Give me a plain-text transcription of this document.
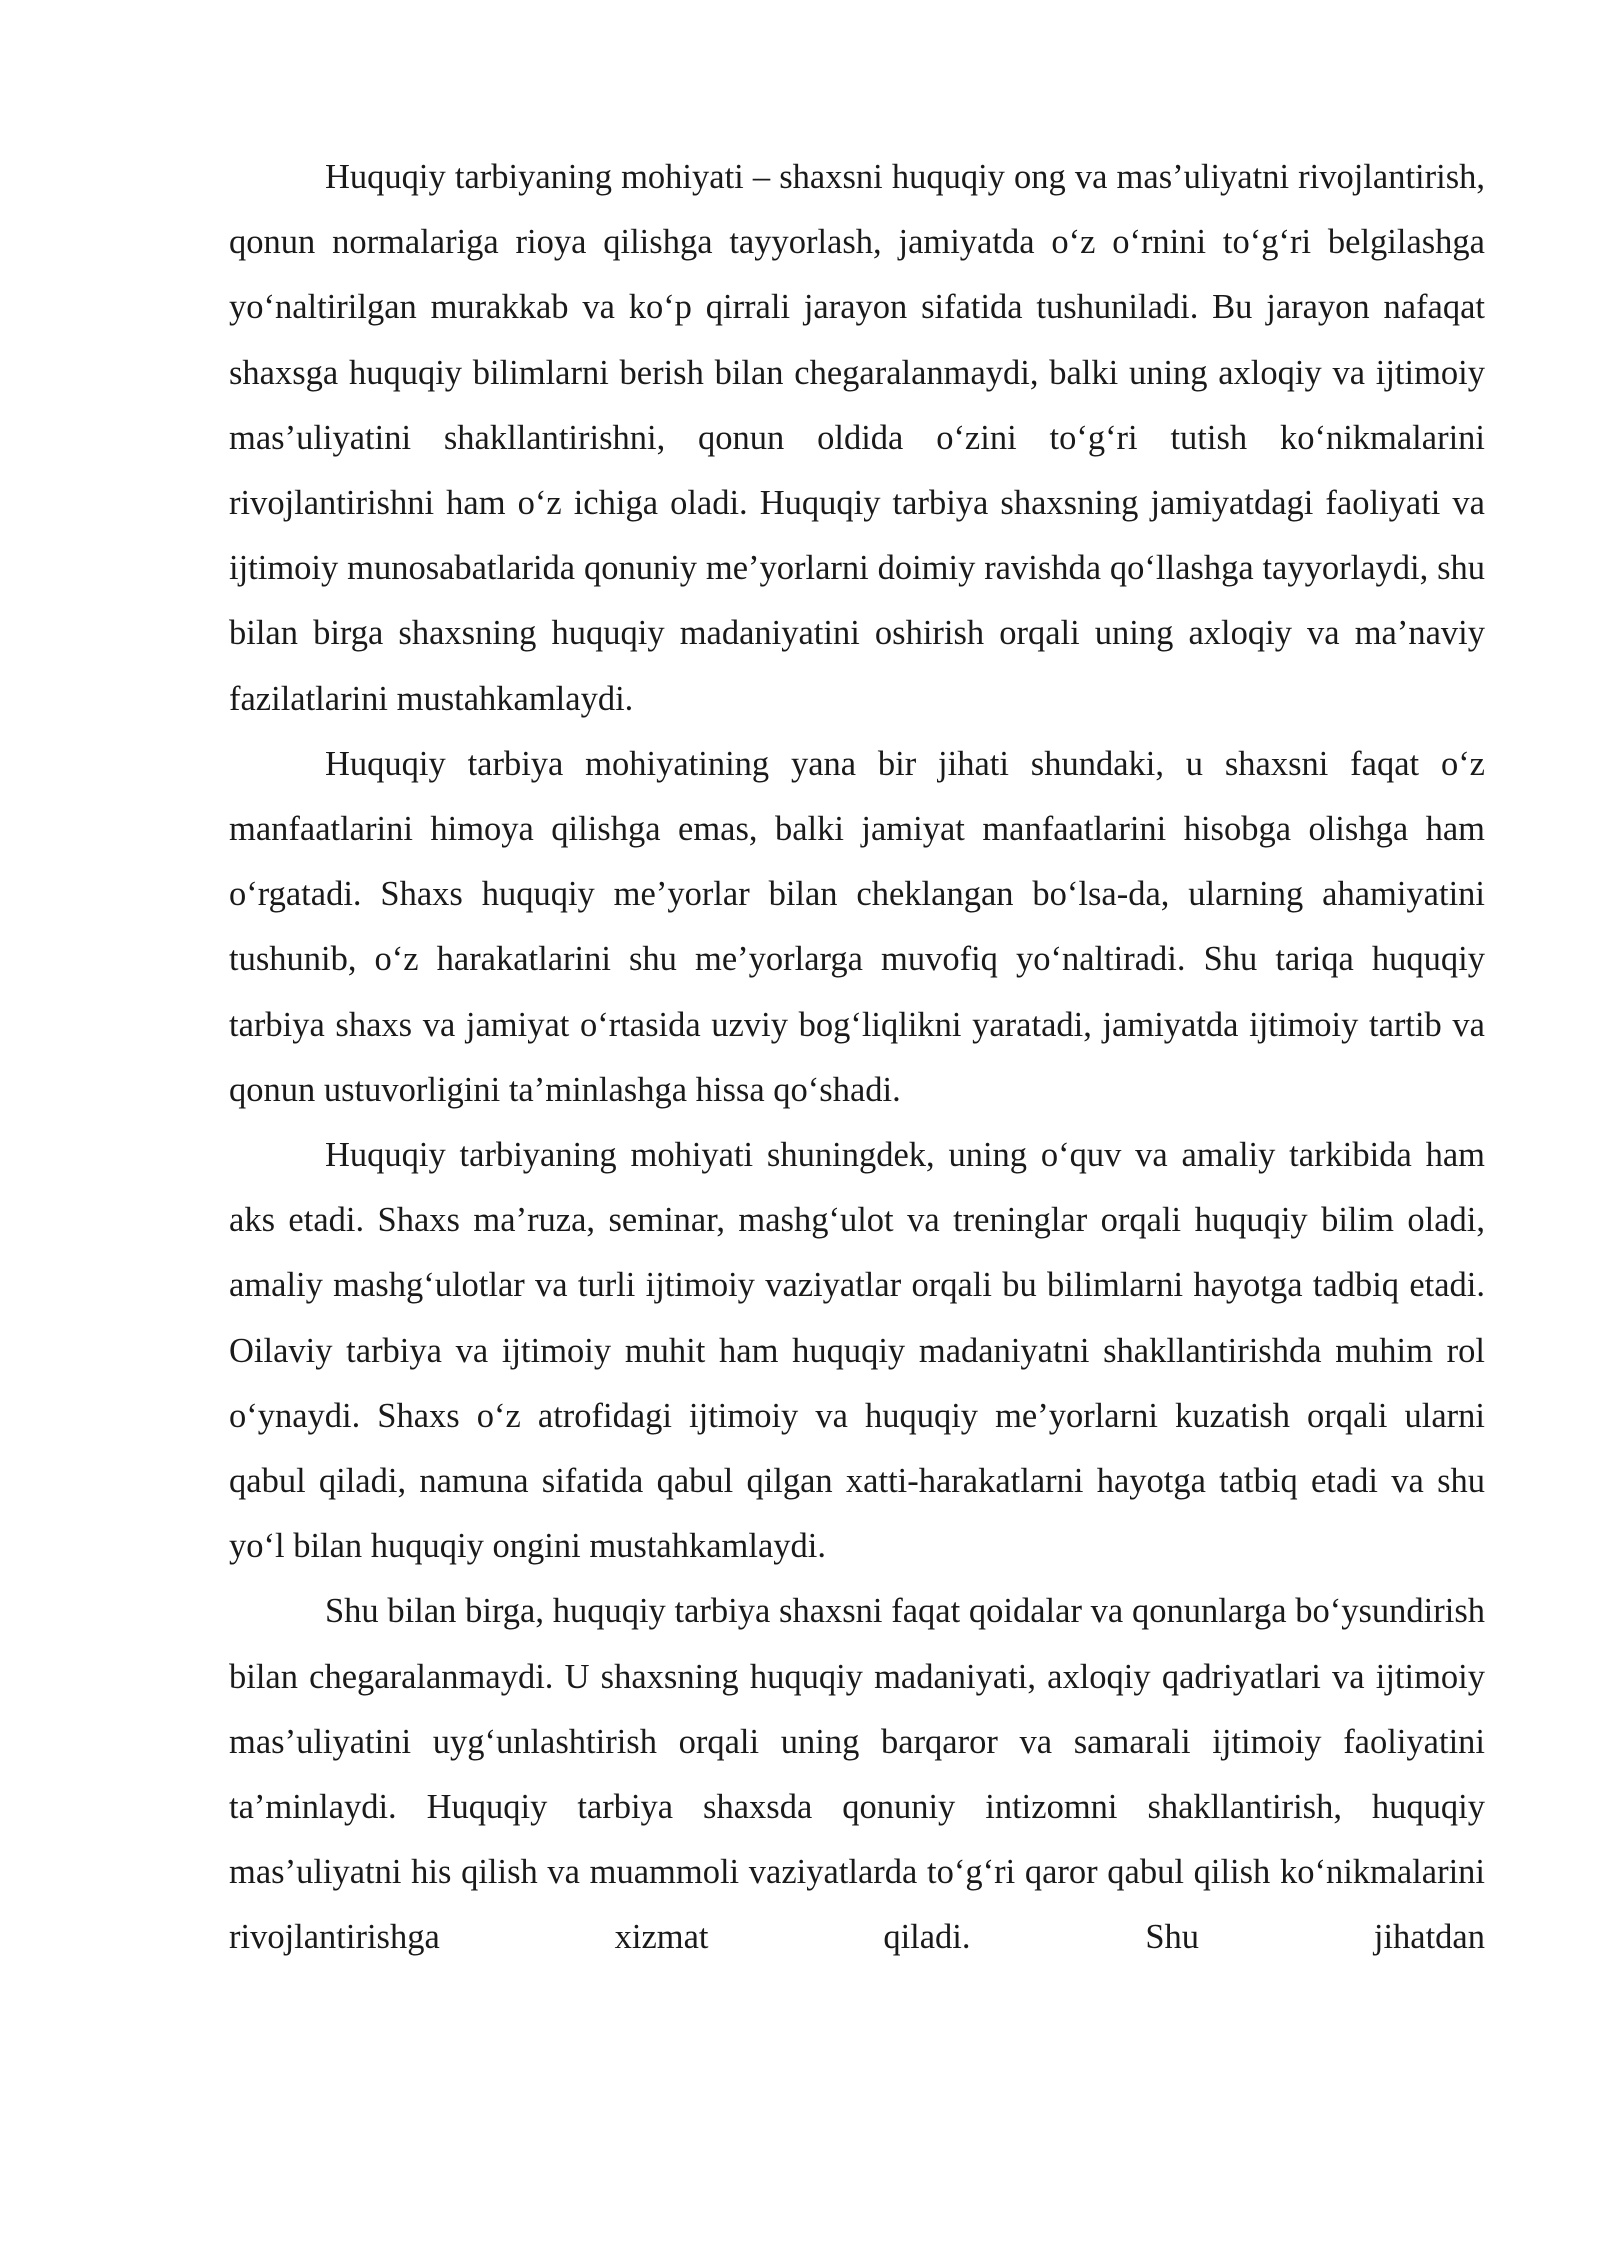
Huquqiy tarbiyaning mohiyati – shaxsni huquqiy ong va mas’uliyatni rivojlantirish, qonun normalariga rioya qilishga tayyorlash, jamiyatda o‘z o‘rnini to‘g‘ri belgilashga yo‘naltirilgan murakkab va ko‘p qirrali jarayon sifatida tushuniladi. Bu jarayon nafaqat shaxsga huquqiy bilimlarni berish bilan chegaralanmaydi, balki uning axloqiy va ijtimoiy mas’uliyatini shakllantirishni, qonun oldida o‘zini to‘g‘ri tutish ko‘nikmalarini rivojlantirishni ham o‘z ichiga oladi. Huquqiy tarbiya shaxsning jamiyatdagi faoliyati va ijtimoiy munosabatlarida qonuniy me’yorlarni doimiy ravishda qo‘llashga tayyorlaydi, shu bilan birga shaxsning huquqiy madaniyatini oshirish orqali uning axloqiy va ma’naviy fazilatlarini mustahkamlaydi.

Huquqiy tarbiya mohiyatining yana bir jihati shundaki, u shaxsni faqat o‘z manfaatlarini himoya qilishga emas, balki jamiyat manfaatlarini hisobga olishga ham o‘rgatadi. Shaxs huquqiy me’yorlar bilan cheklangan bo‘lsa-da, ularning ahamiyatini tushunib, o‘z harakatlarini shu me’yorlarga muvofiq yo‘naltiradi. Shu tariqa huquqiy tarbiya shaxs va jamiyat o‘rtasida uzviy bog‘liqlikni yaratadi, jamiyatda ijtimoiy tartib va qonun ustuvorligini ta’minlashga hissa qo‘shadi.

Huquqiy tarbiyaning mohiyati shuningdek, uning o‘quv va amaliy tarkibida ham aks etadi. Shaxs ma’ruza, seminar, mashg‘ulot va treninglar orqali huquqiy bilim oladi, amaliy mashg‘ulotlar va turli ijtimoiy vaziyatlar orqali bu bilimlarni hayotga tadbiq etadi. Oilaviy tarbiya va ijtimoiy muhit ham huquqiy madaniyatni shakllantirishda muhim rol o‘ynaydi. Shaxs o‘z atrofidagi ijtimoiy va huquqiy me’yorlarni kuzatish orqali ularni qabul qiladi, namuna sifatida qabul qilgan xatti-harakatlarni hayotga tatbiq etadi va shu yo‘l bilan huquqiy ongini mustahkamlaydi.

Shu bilan birga, huquqiy tarbiya shaxsni faqat qoidalar va qonunlarga bo‘ysundirish bilan chegaralanmaydi. U shaxsning huquqiy madaniyati, axloqiy qadriyatlari va ijtimoiy mas’uliyatini uyg‘unlashtirish orqali uning barqaror va samarali ijtimoiy faoliyatini ta’minlaydi. Huquqiy tarbiya shaxsda qonuniy intizomni shakllantirish, huquqiy mas’uliyatni his qilish va muammoli vaziyatlarda to‘g‘ri qaror qabul qilish ko‘nikmalarini rivojlantirishga xizmat qiladi. Shu jihatdan
